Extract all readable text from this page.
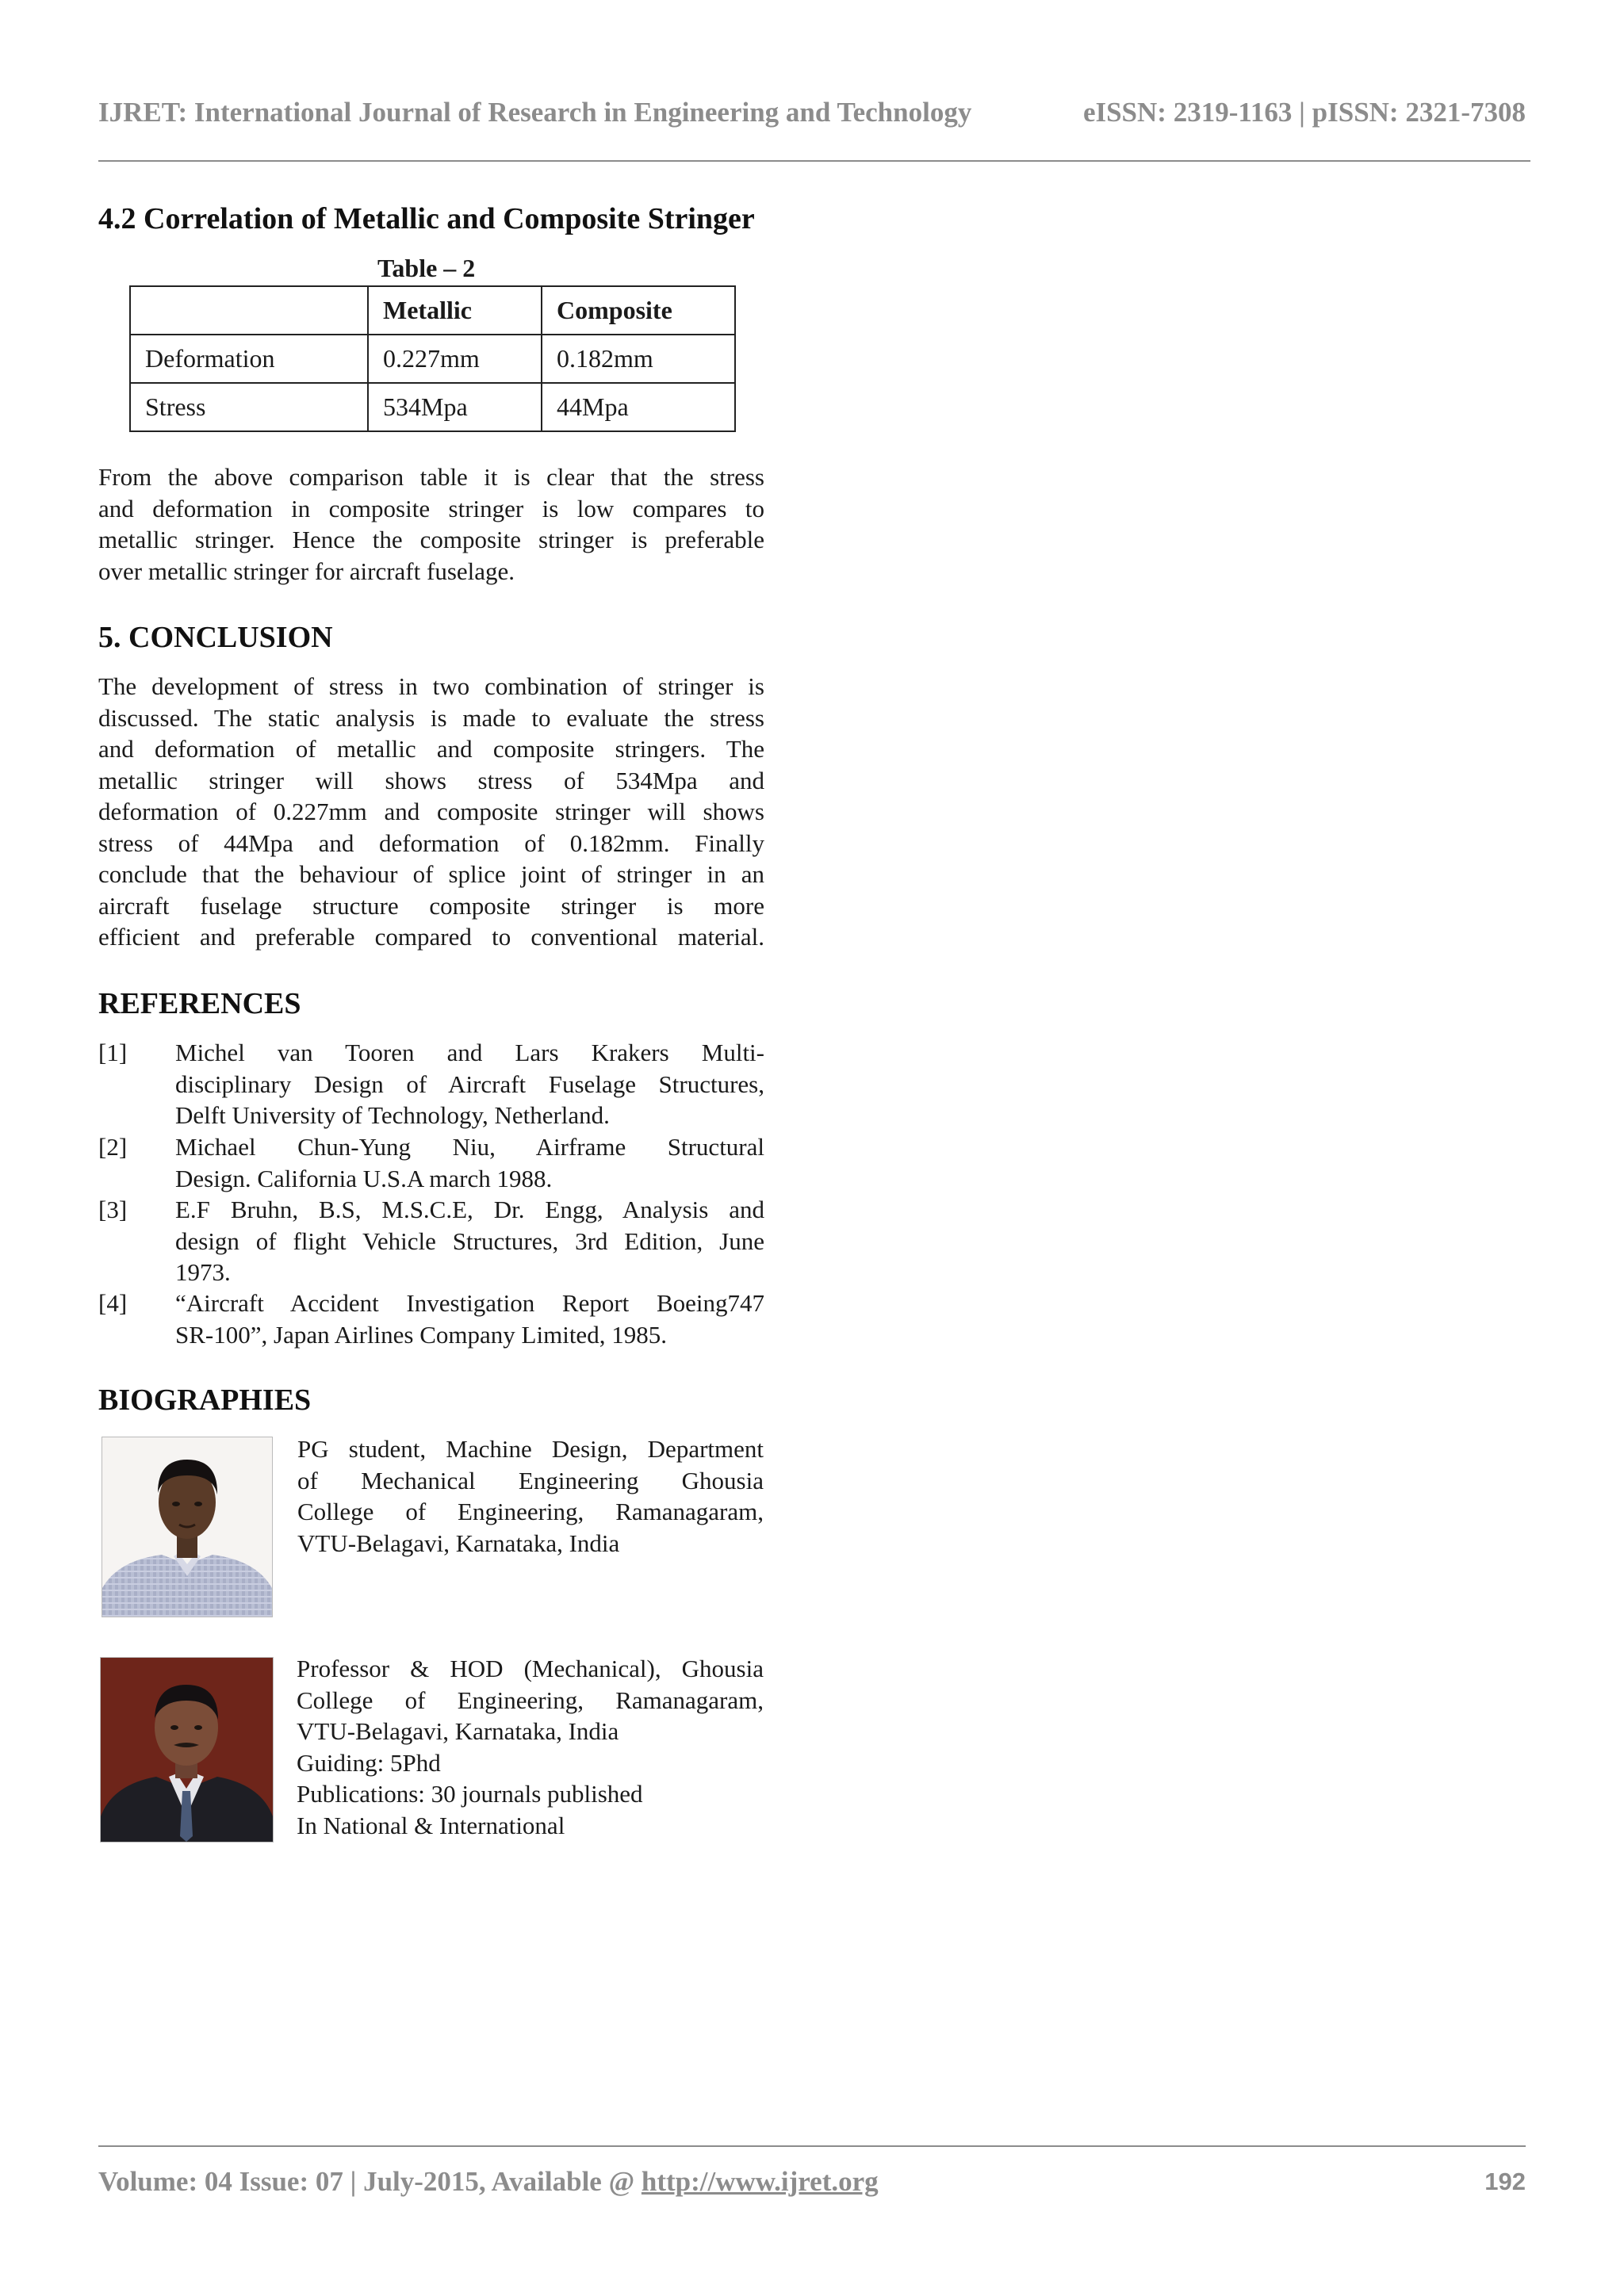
IJRET: International Journal of Research in Engineering and Technology	eISSN: 2319-1163 | pISSN: 2321-7308
4.2 Correlation of Metallic and Composite Stringer
Table – 2
	Metallic	Composite
Deformation	0.227mm	0.182mm
Stress	534Mpa	44Mpa
From the above comparison table it is clear that the stress
and deformation in composite stringer is low compares to
metallic stringer. Hence the composite stringer is preferable
over metallic stringer for aircraft fuselage.
5. CONCLUSION
The development of stress in two combination of stringer is
discussed. The static analysis is made to evaluate the stress
and deformation of metallic and composite stringers. The
metallic stringer will shows stress of 534Mpa and
deformation of 0.227mm and composite stringer will shows
stress of 44Mpa and deformation of 0.182mm. Finally
conclude that the behaviour of splice joint of stringer in an
aircraft fuselage structure composite stringer is more
efficient and preferable compared to conventional material.
REFERENCES
[1] Michel van Tooren and Lars Krakers Multi-
disciplinary Design of Aircraft Fuselage Structures,
Delft University of Technology, Netherland.
[2] Michael Chun-Yung Niu, Airframe Structural
Design. California U.S.A march 1988.
[3] E.F Bruhn, B.S, M.S.C.E, Dr. Engg, Analysis and
design of flight Vehicle Structures, 3rd Edition, June
1973.
[4] “Aircraft Accident Investigation Report Boeing747
SR-100”, Japan Airlines Company Limited, 1985.
BIOGRAPHIES
PG student, Machine Design, Department
of Mechanical Engineering Ghousia
College of Engineering, Ramanagaram,
VTU-Belagavi, Karnataka, India
Professor & HOD (Mechanical), Ghousia
College of Engineering, Ramanagaram,
VTU-Belagavi, Karnataka, India
Guiding: 5Phd
Publications: 30 journals published
In National & International
Volume: 04 Issue: 07 | July-2015, Available @ http://www.ijret.org	192
